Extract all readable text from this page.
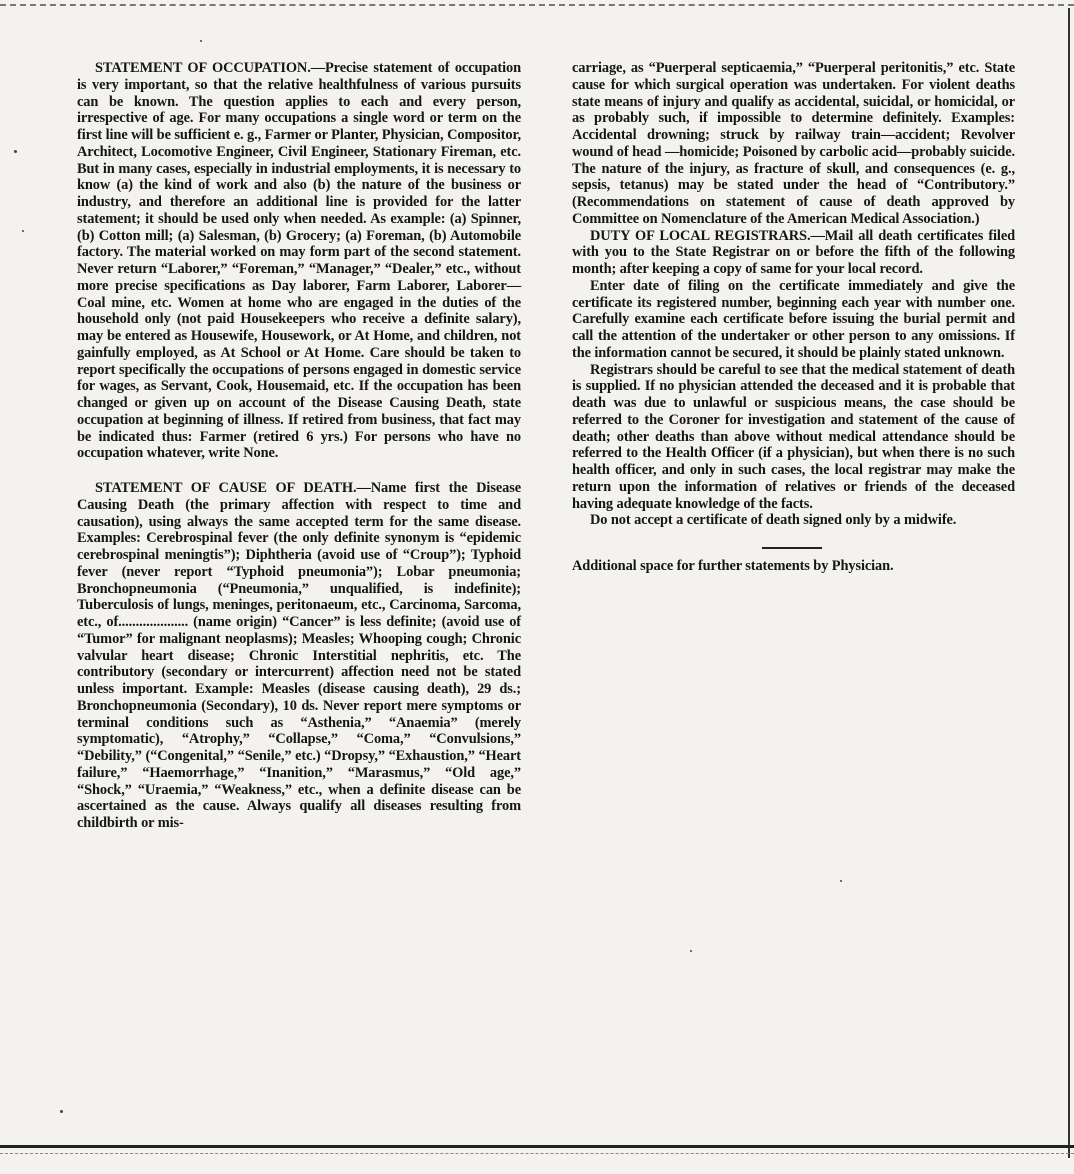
STATEMENT OF OCCUPATION.—Precise statement of occupation is very important, so that the relative healthfulness of various pursuits can be known. The question applies to each and every person, irrespective of age. For many occupations a single word or term on the first line will be sufficient e. g., Farmer or Planter, Physician, Compositor, Architect, Locomotive Engineer, Civil Engineer, Stationary Fireman, etc. But in many cases, especially in industrial employments, it is necessary to know (a) the kind of work and also (b) the nature of the business or industry, and therefore an additional line is provided for the latter statement; it should be used only when needed. As example: (a) Spinner, (b) Cotton mill; (a) Salesman, (b) Grocery; (a) Foreman, (b) Automobile factory. The material worked on may form part of the second statement. Never return “Laborer,” “Foreman,” “Manager,” “Dealer,” etc., without more precise specifications as Day laborer, Farm Laborer, Laborer—Coal mine, etc. Women at home who are engaged in the duties of the household only (not paid Housekeepers who receive a definite salary), may be entered as Housewife, Housework, or At Home, and children, not gainfully employed, as At School or At Home. Care should be taken to report specifically the occupations of persons engaged in domestic service for wages, as Servant, Cook, Housemaid, etc. If the occupation has been changed or given up on account of the Disease Causing Death, state occupation at beginning of illness. If retired from business, that fact may be indicated thus: Farmer (retired 6 yrs.) For persons who have no occupation whatever, write None.

STATEMENT OF CAUSE OF DEATH.—Name first the Disease Causing Death (the primary affection with respect to time and causation), using always the same accepted term for the same disease. Examples: Cerebrospinal fever (the only definite synonym is “epidemic cerebrospinal meningtis”); Diphtheria (avoid use of “Croup”); Typhoid fever (never report “Typhoid pneumonia”); Lobar pneumonia; Bronchopneumonia (“Pneumonia,” unqualified, is indefinite); Tuberculosis of lungs, meninges, peritonaeum, etc., Carcinoma, Sarcoma, etc., of.................... (name origin) “Cancer” is less definite; (avoid use of “Tumor” for malignant neoplasms); Measles; Whooping cough; Chronic valvular heart disease; Chronic Interstitial nephritis, etc. The contributory (secondary or intercurrent) affection need not be stated unless important. Example: Measles (disease causing death), 29 ds.; Bronchopneumonia (Secondary), 10 ds. Never report mere symptoms or terminal conditions such as “Asthenia,” “Anaemia” (merely symptomatic), “Atrophy,” “Collapse,” “Coma,” “Convulsions,” “Debility,” (“Congenital,” “Senile,” etc.) “Dropsy,” “Exhaustion,” “Heart failure,” “Haemorrhage,” “Inanition,” “Marasmus,” “Old age,” “Shock,” “Uraemia,” “Weakness,” etc., when a definite disease can be ascertained as the cause. Always qualify all diseases resulting from childbirth or mis-

carriage, as “Puerperal septicaemia,” “Puerperal peritonitis,” etc. State cause for which surgical operation was undertaken. For violent deaths state means of injury and qualify as accidental, suicidal, or homicidal, or as probably such, if impossible to determine definitely. Examples: Accidental drowning; struck by railway train—accident; Revolver wound of head —homicide; Poisoned by carbolic acid—probably suicide. The nature of the injury, as fracture of skull, and consequences (e. g., sepsis, tetanus) may be stated under the head of “Contributory.” (Recommendations on statement of cause of death approved by Committee on Nomenclature of the American Medical Association.)

DUTY OF LOCAL REGISTRARS.—Mail all death certificates filed with you to the State Registrar on or before the fifth of the following month; after keeping a copy of same for your local record.

Enter date of filing on the certificate immediately and give the certificate its registered number, beginning each year with number one. Carefully examine each certificate before issuing the burial permit and call the attention of the undertaker or other person to any omissions. If the information cannot be secured, it should be plainly stated unknown.

Registrars should be careful to see that the medical statement of death is supplied. If no physician attended the deceased and it is probable that death was due to unlawful or suspicious means, the case should be referred to the Coroner for investigation and statement of the cause of death; other deaths than above without medical attendance should be referred to the Health Officer (if a physician), but when there is no such health officer, and only in such cases, the local registrar may make the return upon the information of relatives or friends of the deceased having adequate knowledge of the facts.

Do not accept a certificate of death signed only by a midwife.

Additional space for further statements by Physician.
